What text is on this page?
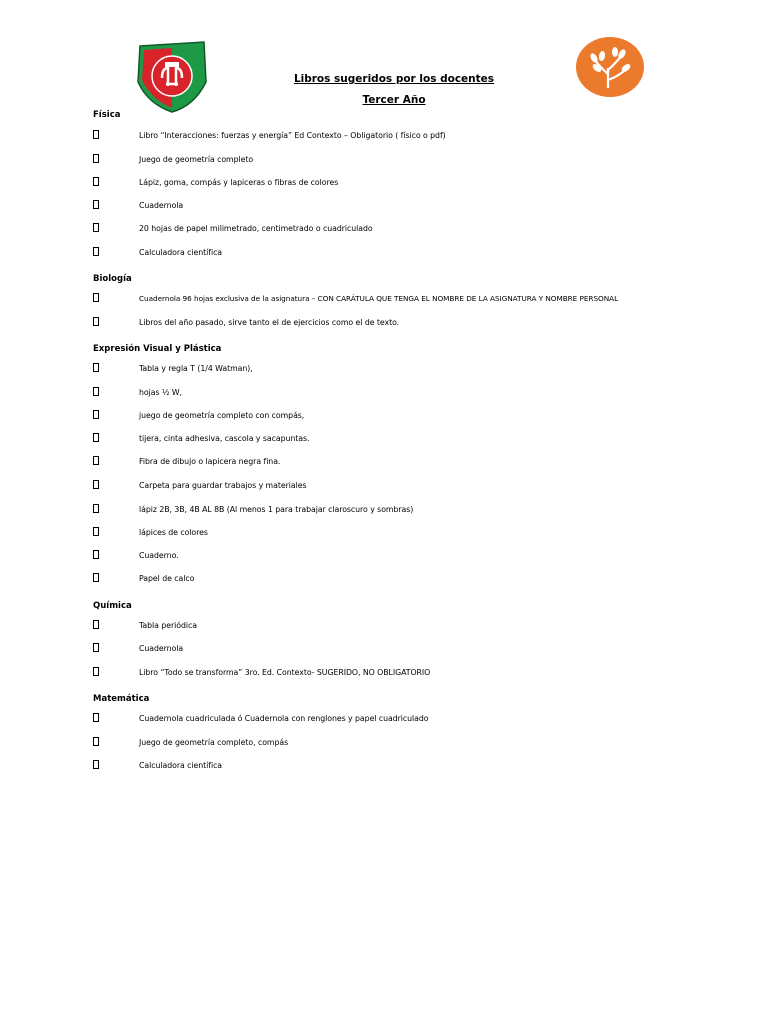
Libros sugeridos por los docentes
Tercer Año
Física
Libro “Interacciones: fuerzas y energía” Ed Contexto – Obligatorio ( físico o pdf)
Juego de geometría completo
Lápiz, goma, compás y lapiceras o fibras de colores
Cuadernola
20 hojas de papel milimetrado, centimetrado o cuadriculado
Calculadora científica
Biología
Cuadernola 96 hojas exclusiva de la asignatura – CON CARÁTULA QUE TENGA EL NOMBRE DE LA ASIGNATURA Y NOMBRE PERSONAL
Libros del año pasado, sirve tanto el de ejercicios como el de texto.
Expresión Visual y Plástica
Tabla y regla T (1/4 Watman),
hojas ½ W,
juego de geometría completo con compás,
tijera, cinta adhesiva, cascola y sacapuntas.
Fibra de dibujo o lapicera negra fina.
Carpeta para guardar trabajos y materiales
lápiz 2B, 3B, 4B AL 8B (Al menos 1 para trabajar claroscuro y sombras)
lápices de colores
Cuaderno.
Papel de calco
Química
Tabla periódica
Cuadernola
Libro “Todo se transforma” 3ro. Ed. Contexto- SUGERIDO, NO OBLIGATORIO
Matemática
Cuadernola cuadriculada ó Cuadernola con renglones y papel cuadriculado
Juego de geometría completo, compás
Calculadora científica
